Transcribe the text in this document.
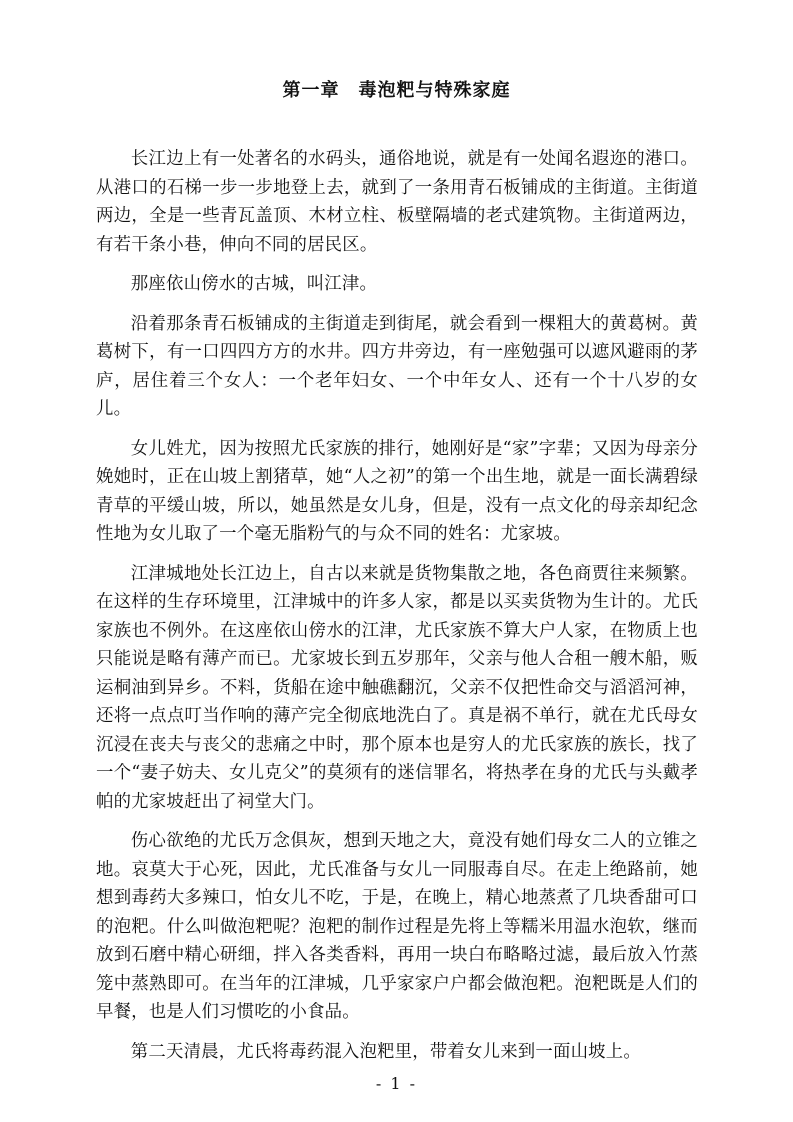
第一章　毒泡粑与特殊家庭

长江边上有一处著名的水码头，通俗地说，就是有一处闻名遐迩的港口。从港口的石梯一步一步地登上去，就到了一条用青石板铺成的主街道。主街道两边，全是一些青瓦盖顶、木材立柱、板壁隔墙的老式建筑物。主街道两边，有若干条小巷，伸向不同的居民区。

那座依山傍水的古城，叫江津。

沿着那条青石板铺成的主街道走到街尾，就会看到一棵粗大的黄葛树。黄葛树下，有一口四四方方的水井。四方井旁边，有一座勉强可以遮风避雨的茅庐，居住着三个女人：一个老年妇女、一个中年女人、还有一个十八岁的女儿。

女儿姓尤，因为按照尤氏家族的排行，她刚好是“家”字辈；又因为母亲分娩她时，正在山坡上割猪草，她“人之初”的第一个出生地，就是一面长满碧绿青草的平缓山坡，所以，她虽然是女儿身，但是，没有一点文化的母亲却纪念性地为女儿取了一个毫无脂粉气的与众不同的姓名：尤家坡。

江津城地处长江边上，自古以来就是货物集散之地，各色商贾往来频繁。在这样的生存环境里，江津城中的许多人家，都是以买卖货物为生计的。尤氏家族也不例外。在这座依山傍水的江津，尤氏家族不算大户人家，在物质上也只能说是略有薄产而已。尤家坡长到五岁那年，父亲与他人合租一艘木船，贩运桐油到异乡。不料，货船在途中触礁翻沉，父亲不仅把性命交与滔滔河神，还将一点点叮当作响的薄产完全彻底地洗白了。真是祸不单行，就在尤氏母女沉浸在丧夫与丧父的悲痛之中时，那个原本也是穷人的尤氏家族的族长，找了一个“妻子妨夫、女儿克父”的莫须有的迷信罪名，将热孝在身的尤氏与头戴孝帕的尤家坡赶出了祠堂大门。

伤心欲绝的尤氏万念俱灰，想到天地之大，竟没有她们母女二人的立锥之地。哀莫大于心死，因此，尤氏准备与女儿一同服毒自尽。在走上绝路前，她想到毒药大多辣口，怕女儿不吃，于是，在晚上，精心地蒸煮了几块香甜可口的泡粑。什么叫做泡粑呢？泡粑的制作过程是先将上等糯米用温水泡软，继而放到石磨中精心研细，拌入各类香料，再用一块白布略略过滤，最后放入竹蒸笼中蒸熟即可。在当年的江津城，几乎家家户户都会做泡粑。泡粑既是人们的早餐，也是人们习惯吃的小食品。

第二天清晨，尤氏将毒药混入泡粑里，带着女儿来到一面山坡上。

- 1 -
